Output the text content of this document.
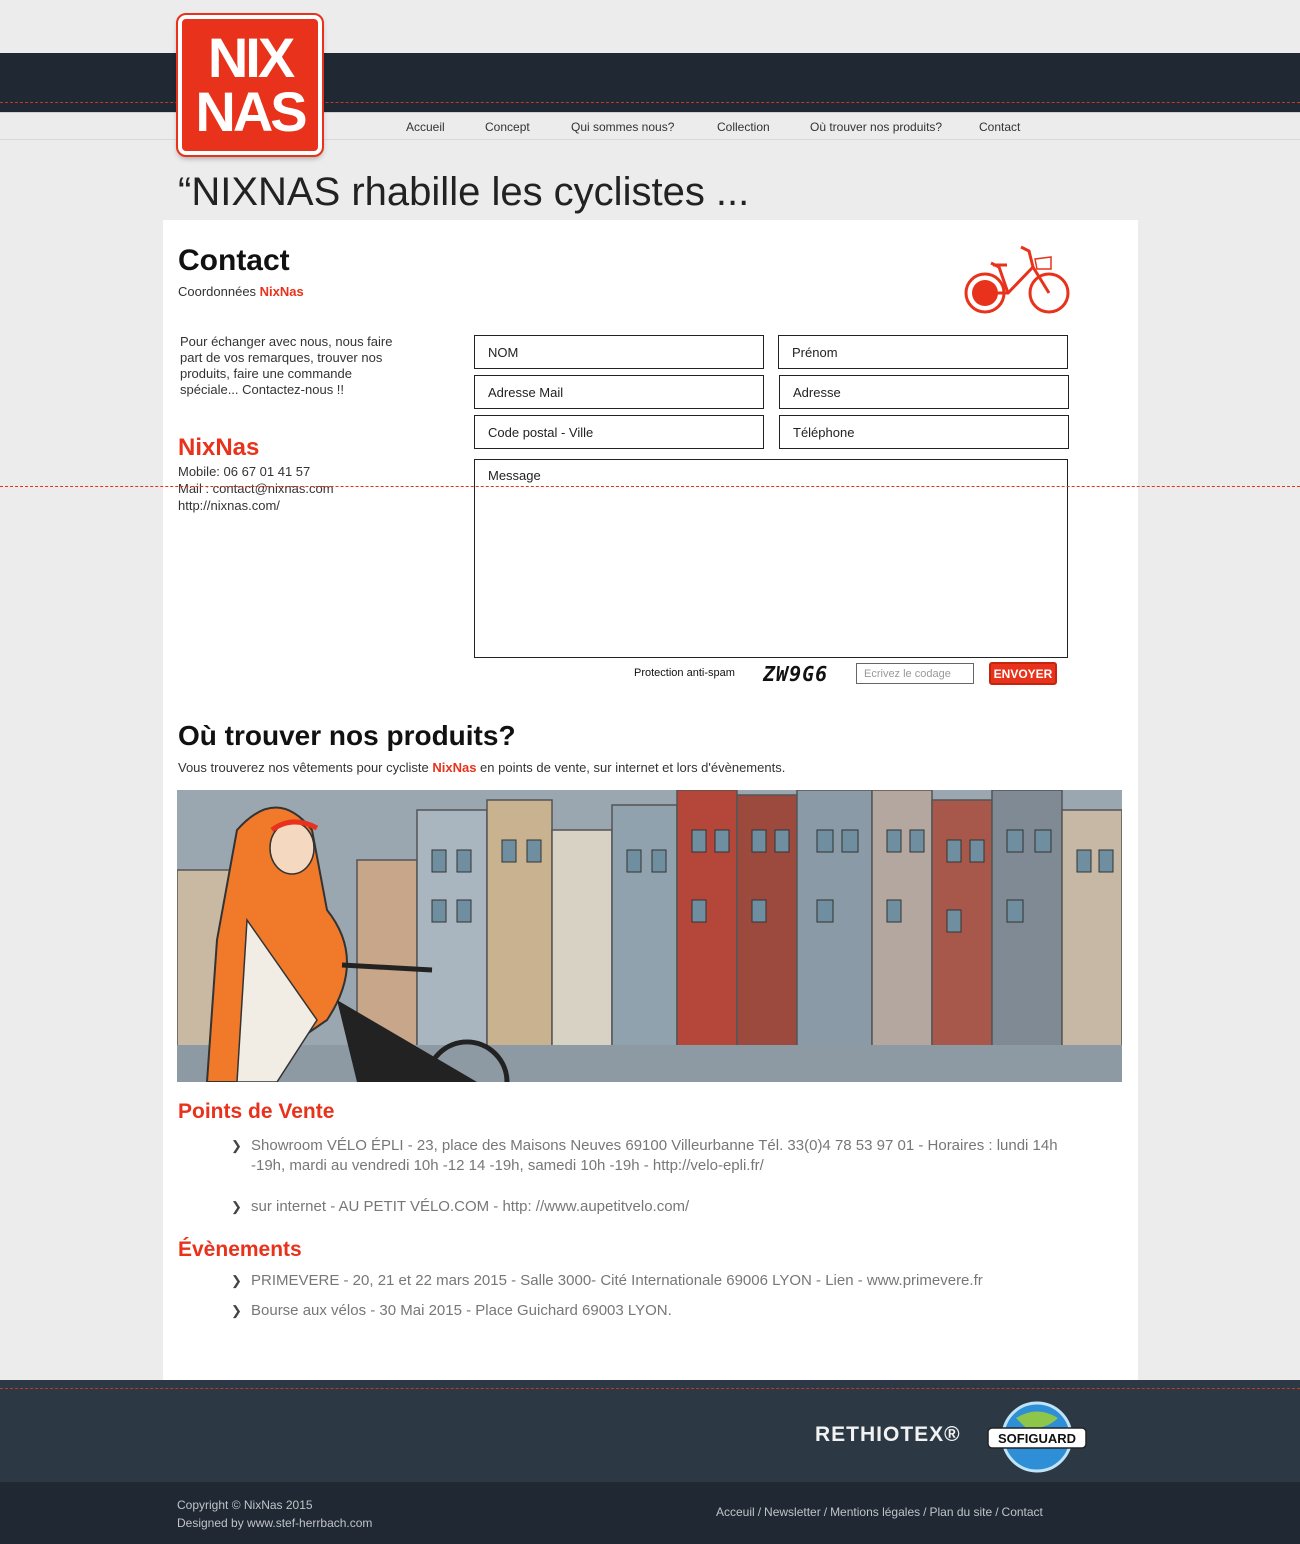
NIX
NAS	Accueil	Concept	Qui sommes nous?	Collection	Où trouver nos produits?	Contact
“NIXNAS rhabille les cyclistes ...
Contact
Coordonnées NixNas

Pour échanger avec nous, nous faire part de vos remarques, trouver nos produits, faire une commande spéciale... Contactez-nous !!

NixNas
Mobile: 06 67 01 41 57
Mail : contact@nixnas.com
http://nixnas.com/
NOM
Prénom
Adresse Mail
Adresse
Code postal - Ville
Téléphone
Message
Protection anti-spam ZW9G6
Ecrivez le codage	ENVOYER
Où trouver nos produits?
Vous trouverez nos vêtements pour cycliste NixNas en points de vente, sur internet et lors d'évènements.
Points de Vente
❯ Showroom VÉLO ÉPLI - 23, place des Maisons Neuves 69100 Villeurbanne Tél. 33(0)4 78 53 97 01 - Horaires : lundi 14h -19h, mardi au vendredi 10h -12 14 -19h, samedi 10h -19h - http://velo-epli.fr/
❯ sur internet - AU PETIT VÉLO.COM - http: //www.aupetitvelo.com/
Évènements
❯ PRIMEVERE - 20, 21 et 22 mars 2015 - Salle 3000- Cité Internationale 69006 LYON - Lien - www.primevere.fr
❯ Bourse aux vélos - 30 Mai 2015 - Place Guichard 69003 LYON.
RETHIOTEX®	SOFIGUARD
Copyright © NixNas 2015
Designed by www.stef-herrbach.com
Acceuil / Newsletter / Mentions légales / Plan du site / Contact
